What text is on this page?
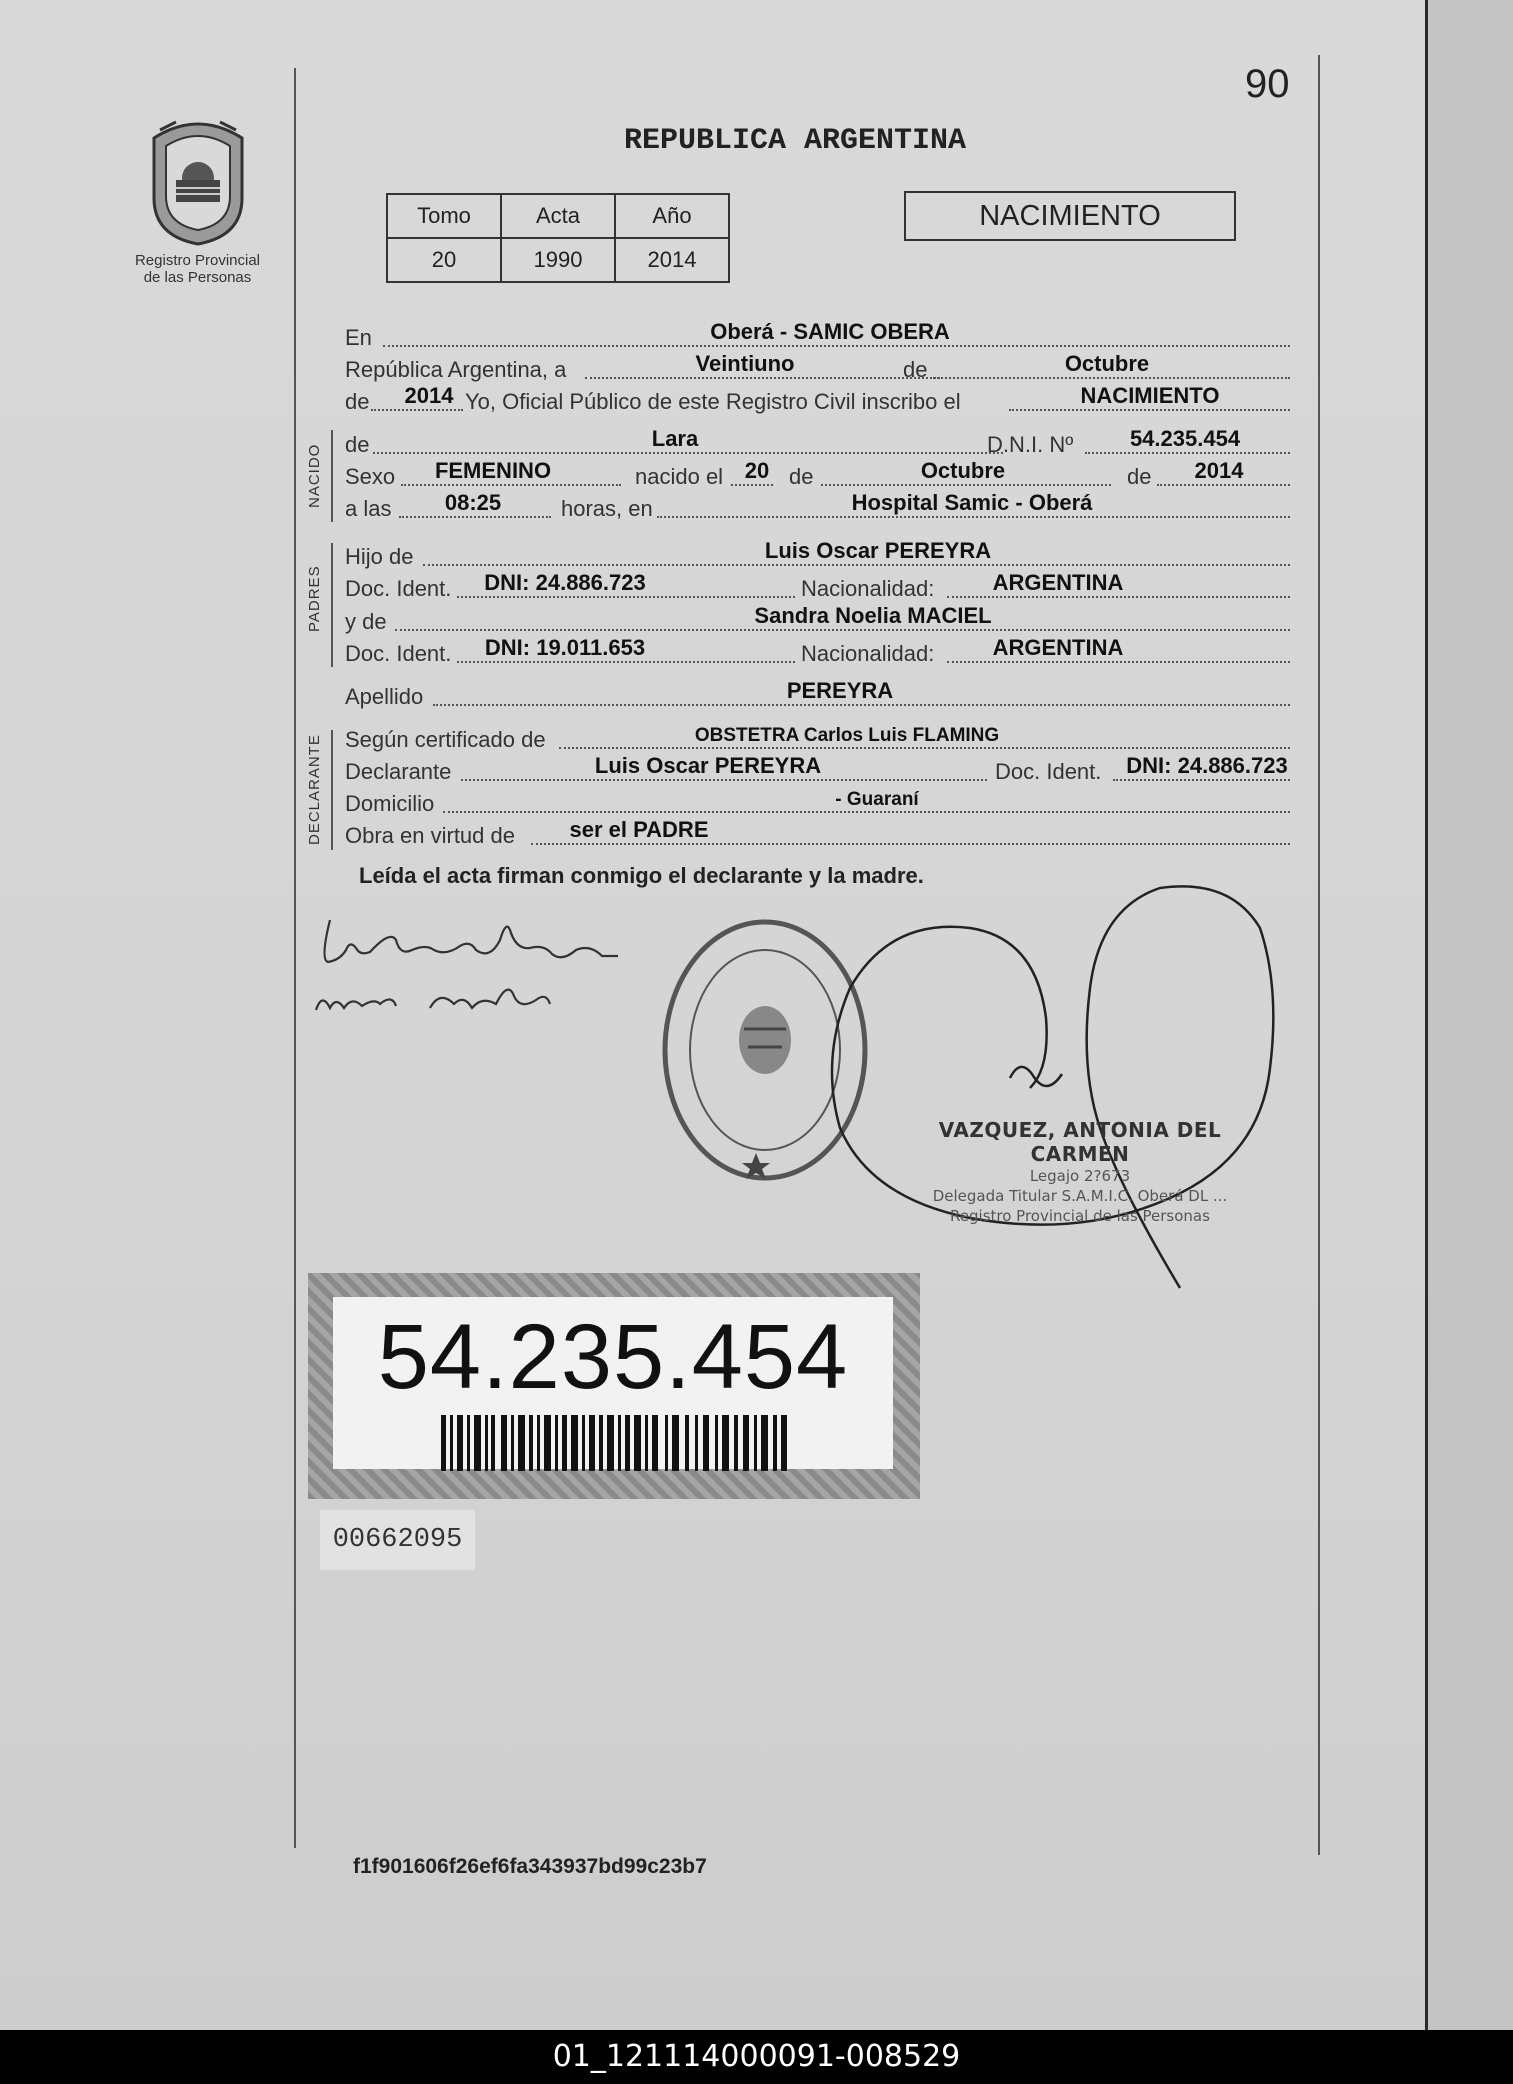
90
Registro Provincial
de las Personas
REPUBLICA ARGENTINA
Tomo	Acta	Año
20	1990	2014
NACIMIENTO
En	Oberá - SAMIC OBERA
República Argentina, a	Veintiuno	de	Octubre
de 2014 Yo, Oficial Público de este Registro Civil inscribo el	NACIMIENTO
NACIDO de	Lara	D.N.I. Nº	54.235.454
Sexo FEMENINO	nacido el 20 de	Octubre	de 2014
a las 08:25	horas, en	Hospital Samic - Oberá
PADRES
Hijo de	Luis Oscar PEREYRA
Doc. Ident. DNI: 24.886.723	Nacionalidad:	ARGENTINA
y de	Sandra Noelia MACIEL
Doc. Ident. DNI: 19.011.653	Nacionalidad:	ARGENTINA
Apellido	PEREYRA
DECLARANTE Según certificado de	OBSTETRA Carlos Luis FLAMING
Declarante	Luis Oscar PEREYRA	Doc. Ident. DNI: 24.886.723
Domicilio	- Guaraní
Obra en virtud de ser el PADRE
Leída el acta firman conmigo el declarante y la madre.
VAZQUEZ, ANTONIA DEL CARMEN
Legajo 2?673
Delegada Titular S.A.M.I.C. Oberá DL ...
Registro Provincial de las Personas
54.235.454
00662095
f1f901606f26ef6fa343937bd99c23b7
01_121114000091-008529
